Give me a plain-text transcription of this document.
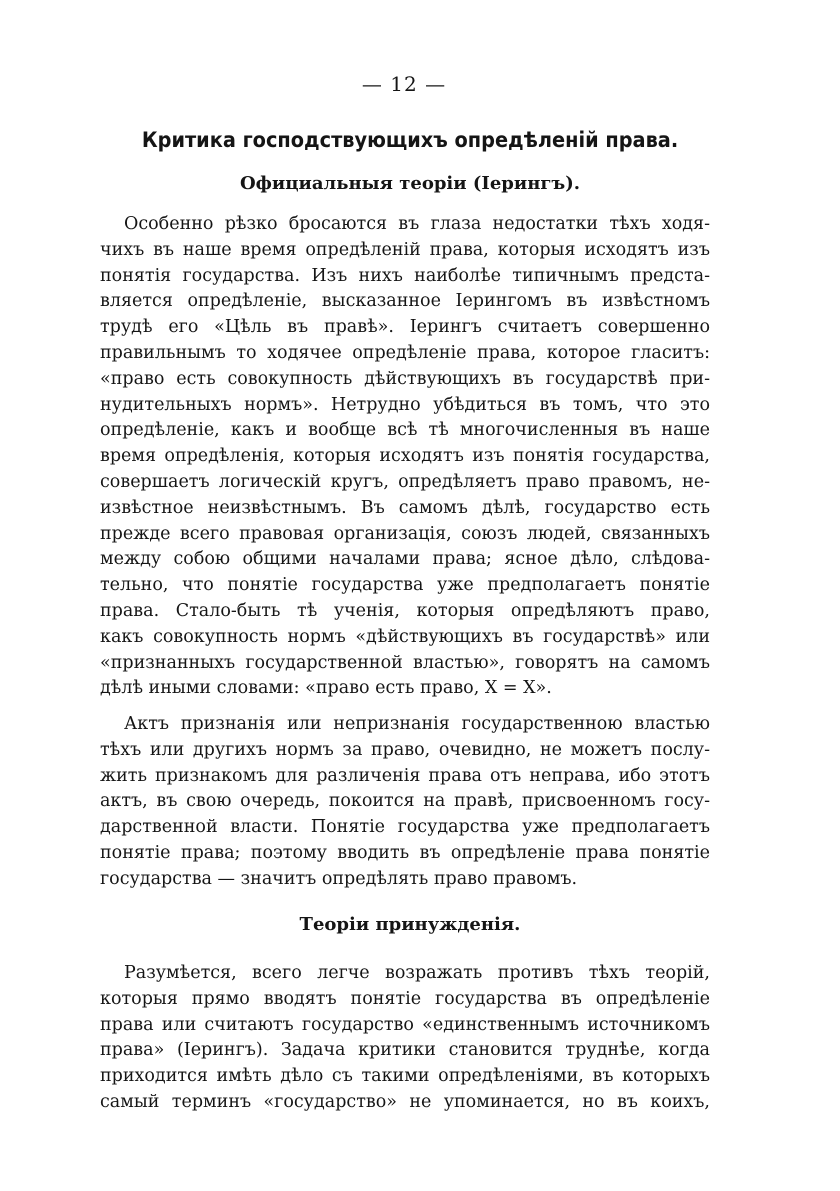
— 12 —
Критика господствующихъ опредѣленій права.
Официальныя теоріи (Ιерингъ).
Особенно рѣзко бросаются въ глаза недостатки тѣхъ ходя-
чихъ въ наше время опредѣленій права, которыя исходятъ изъ
понятія государства. Изъ нихъ наиболѣе типичнымъ предста-
вляется опредѣленіе, высказанное Іерингомъ въ извѣстномъ
трудѣ его «Цѣль въ правѣ». Іерингъ считаетъ совершенно
правильнымъ то ходячее опредѣленіе права, которое гласитъ:
«право есть совокупность дѣйствующихъ въ государствѣ при-
нудительныхъ нормъ». Нетрудно убѣдиться въ томъ, что это
опредѣленіе, какъ и вообще всѣ тѣ многочисленныя въ наше
время опредѣленія, которыя исходятъ изъ понятія государства,
совершаетъ логическій кругъ, опредѣляетъ право правомъ, не-
извѣстное неизвѣстнымъ. Въ самомъ дѣлѣ, государство есть
прежде всего правовая организація, союзъ людей, связанныхъ
между собою общими началами права; ясное дѣло, слѣдова-
тельно, что понятіе государства уже предполагаетъ понятіе
права. Стало-быть тѣ ученія, которыя опредѣляютъ право,
какъ совокупность нормъ «дѣйствующихъ въ государствѣ» или
«признанныхъ государственной властью», говорятъ на самомъ
дѣлѣ иными словами: «право есть право, X = X».
Актъ признанія или непризнанія государственною властью
тѣхъ или другихъ нормъ за право, очевидно, не можетъ послу-
жить признакомъ для различенія права отъ неправа, ибо этотъ
актъ, въ свою очередь, покоится на правѣ, присвоенномъ госу-
дарственной власти. Понятіе государства уже предполагаетъ
понятіе права; поэтому вводить въ опредѣленіе права понятіе
государства — значитъ опредѣлять право правомъ.
Теоріи принужденія.
Разумѣется, всего легче возражать противъ тѣхъ теорій,
которыя прямо вводятъ понятіе государства въ опредѣленіе
права или считаютъ государство «единственнымъ источникомъ
права» (Іерингъ). Задача критики становится труднѣе, когда
приходится имѣть дѣло съ такими опредѣленіями, въ которыхъ
самый терминъ «государство» не упоминается, но въ коихъ,
